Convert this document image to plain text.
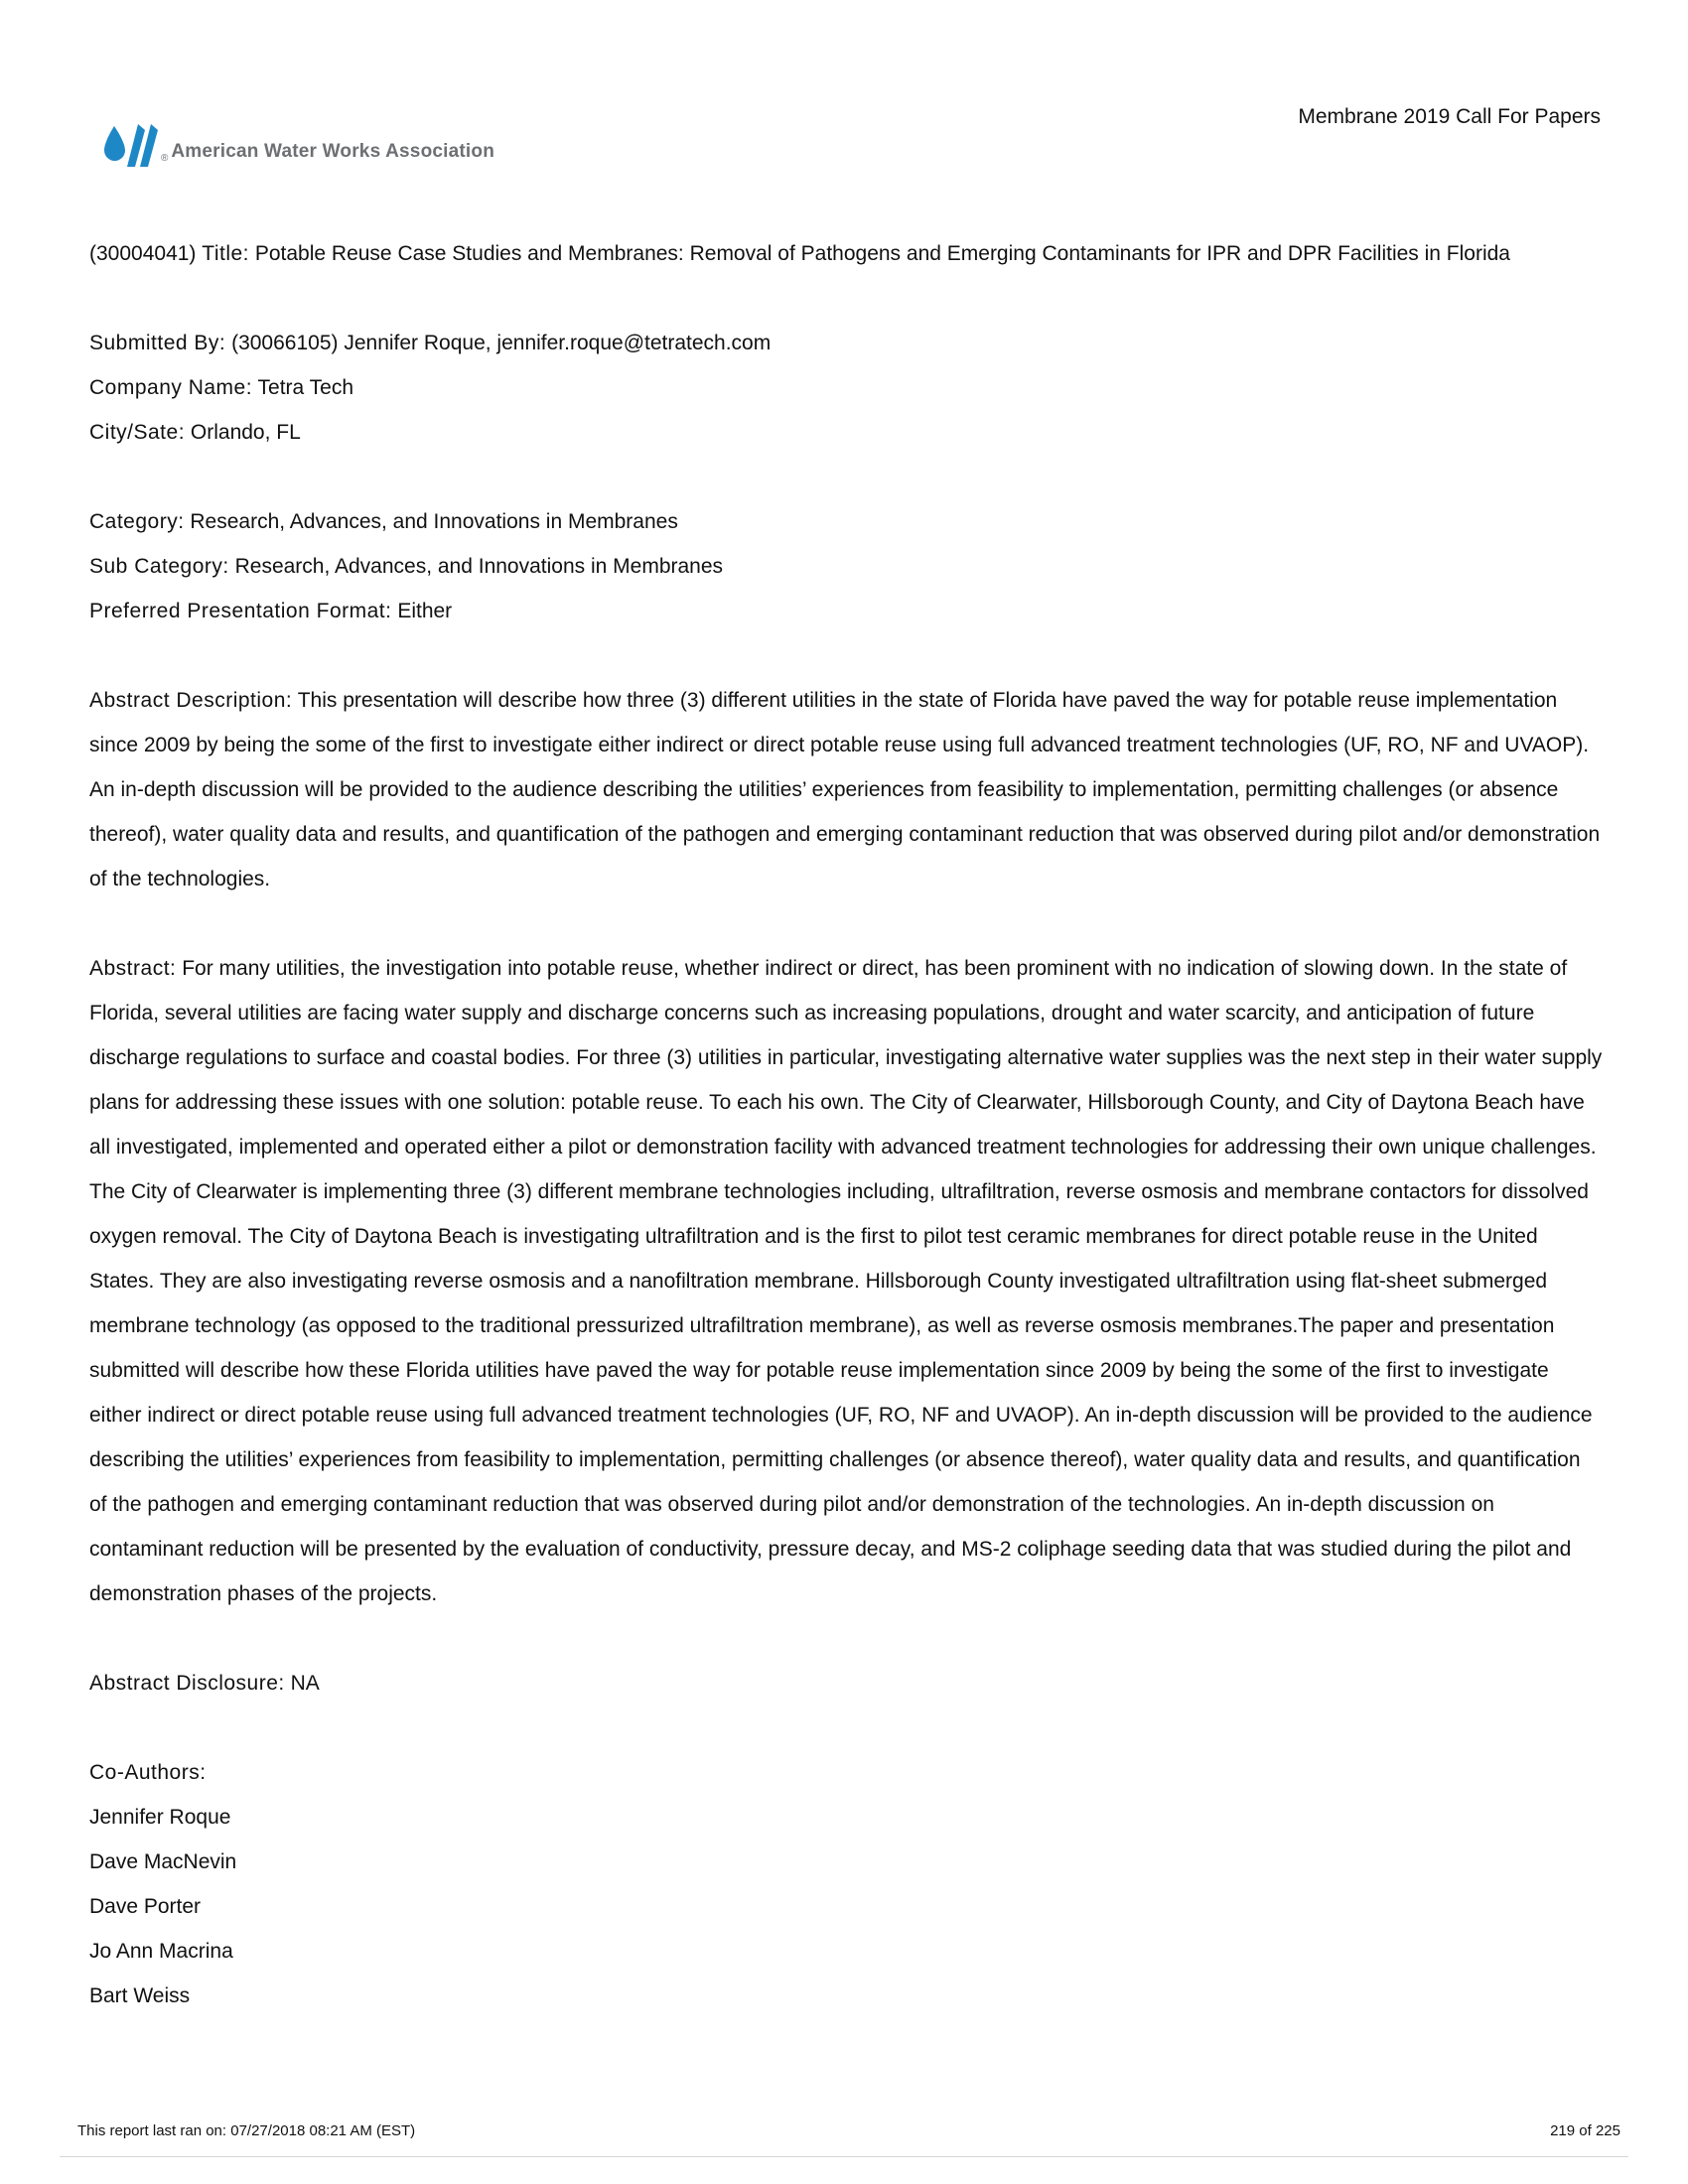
® American Water Works Association
Membrane 2019 Call For Papers
(30004041) Title: Potable Reuse Case Studies and Membranes: Removal of Pathogens and Emerging Contaminants for IPR and DPR Facilities in Florida
Submitted By: (30066105) Jennifer Roque, jennifer.roque@tetratech.com
Company Name: Tetra Tech
City/Sate: Orlando, FL
Category: Research, Advances, and Innovations in Membranes
Sub Category: Research, Advances, and Innovations in Membranes
Preferred Presentation Format: Either
Abstract Description: This presentation will describe how three (3) different utilities in the state of Florida have paved the way for potable reuse implementation since 2009 by being the some of the first to investigate either indirect or direct potable reuse using full advanced treatment technologies (UF, RO, NF and UVAOP). An in-depth discussion will be provided to the audience describing the utilities’ experiences from feasibility to implementation, permitting challenges (or absence thereof), water quality data and results, and quantification of the pathogen and emerging contaminant reduction that was observed during pilot and/or demonstration of the technologies.
Abstract: For many utilities, the investigation into potable reuse, whether indirect or direct, has been prominent with no indication of slowing down. In the state of Florida, several utilities are facing water supply and discharge concerns such as increasing populations, drought and water scarcity, and anticipation of future discharge regulations to surface and coastal bodies. For three (3) utilities in particular, investigating alternative water supplies was the next step in their water supply plans for addressing these issues with one solution: potable reuse. To each his own. The City of Clearwater, Hillsborough County, and City of Daytona Beach have all investigated, implemented and operated either a pilot or demonstration facility with advanced treatment technologies for addressing their own unique challenges. The City of Clearwater is implementing three (3) different membrane technologies including, ultrafiltration, reverse osmosis and membrane contactors for dissolved oxygen removal. The City of Daytona Beach is investigating ultrafiltration and is the first to pilot test ceramic membranes for direct potable reuse in the United States. They are also investigating reverse osmosis and a nanofiltration membrane. Hillsborough County investigated ultrafiltration using flat-sheet submerged membrane technology (as opposed to the traditional pressurized ultrafiltration membrane), as well as reverse osmosis membranes.The paper and presentation submitted will describe how these Florida utilities have paved the way for potable reuse implementation since 2009 by being the some of the first to investigate either indirect or direct potable reuse using full advanced treatment technologies (UF, RO, NF and UVAOP). An in-depth discussion will be provided to the audience describing the utilities’ experiences from feasibility to implementation, permitting challenges (or absence thereof), water quality data and results, and quantification of the pathogen and emerging contaminant reduction that was observed during pilot and/or demonstration of the technologies. An in-depth discussion on contaminant reduction will be presented by the evaluation of conductivity, pressure decay, and MS-2 coliphage seeding data that was studied during the pilot and demonstration phases of the projects.
Abstract Disclosure: NA
Co-Authors:
Jennifer Roque
Dave MacNevin
Dave Porter
Jo Ann Macrina
Bart Weiss
This report last ran on: 07/27/2018 08:21 AM (EST)	219 of 225
